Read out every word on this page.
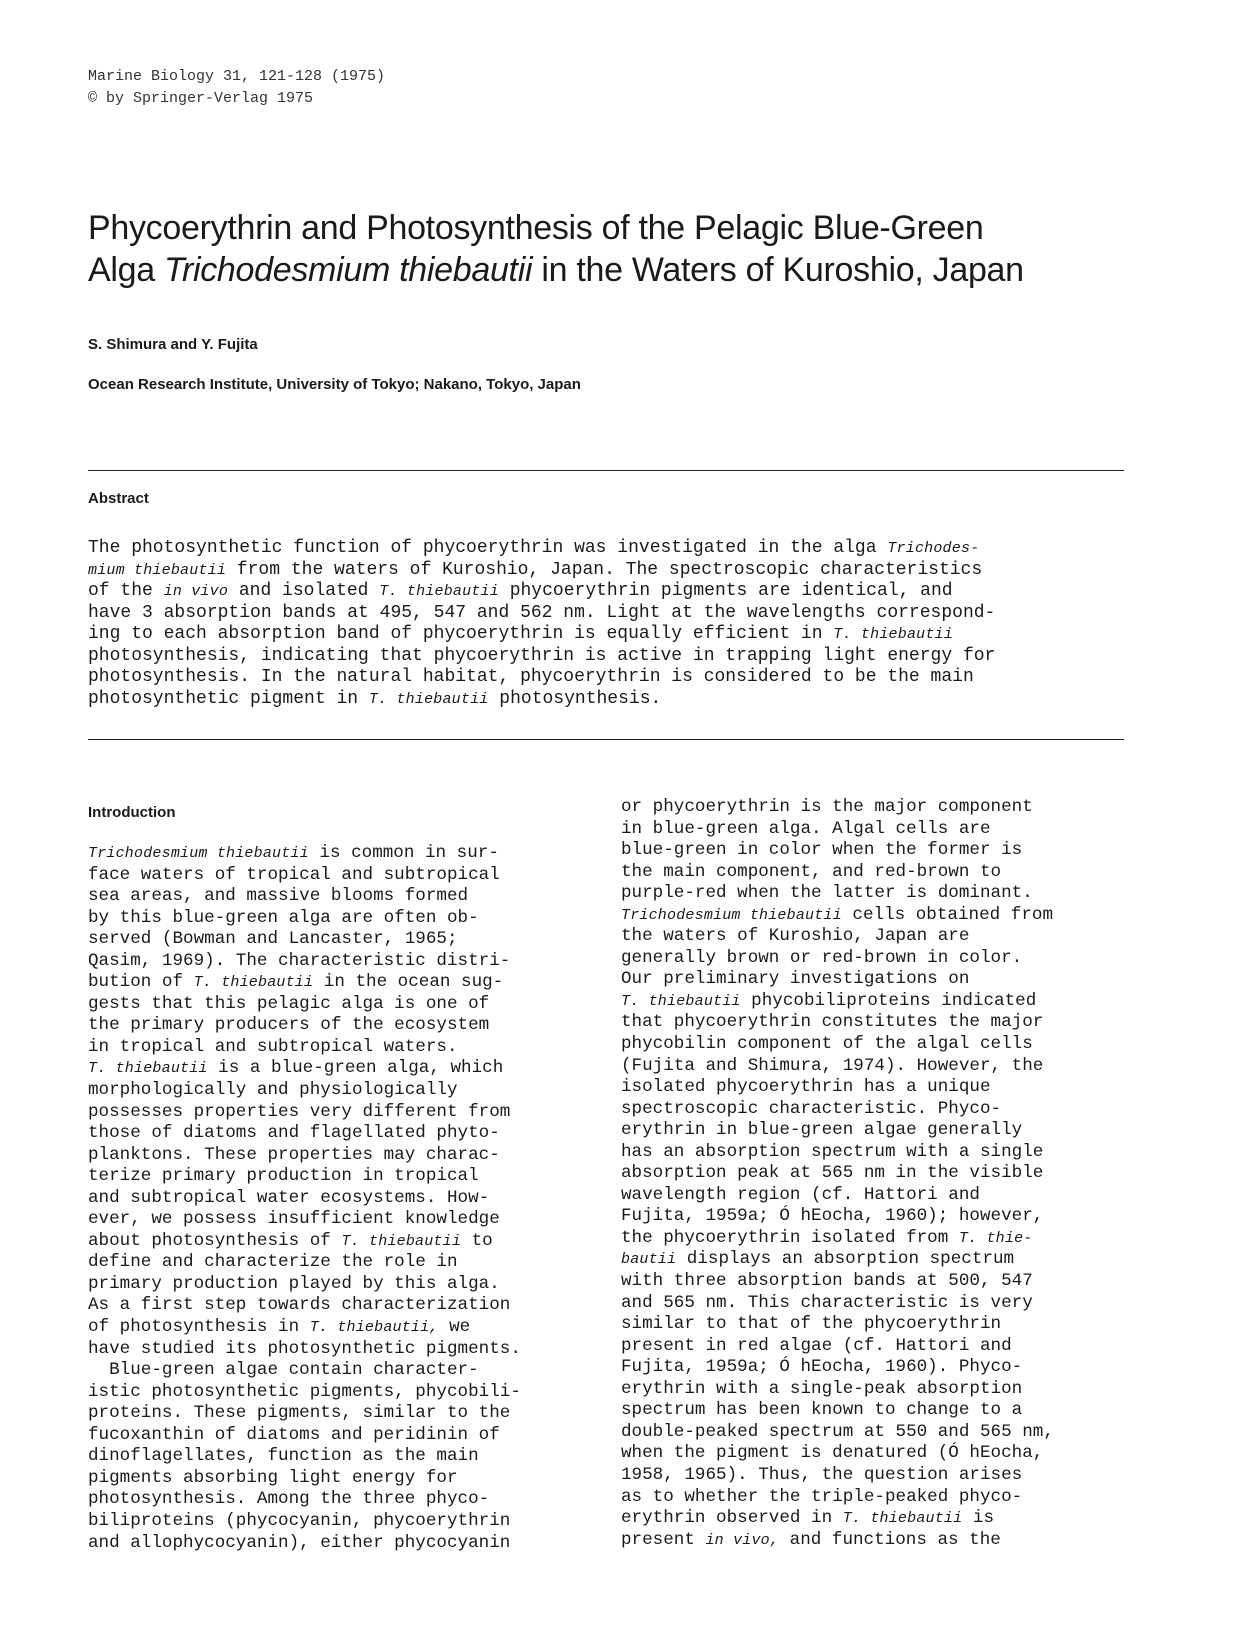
Marine Biology 31, 121-128 (1975)
© by Springer-Verlag 1975
Phycoerythrin and Photosynthesis of the Pelagic Blue-Green
Alga Trichodesmium thiebautii in the Waters of Kuroshio, Japan
S. Shimura and Y. Fujita
Ocean Research Institute, University of Tokyo; Nakano, Tokyo, Japan
Abstract
The photosynthetic function of phycoerythrin was investigated in the alga Trichodes-
mium thiebautii from the waters of Kuroshio, Japan. The spectroscopic characteristics
of the in vivo and isolated T. thiebautii phycoerythrin pigments are identical, and
have 3 absorption bands at 495, 547 and 562 nm. Light at the wavelengths correspond-
ing to each absorption band of phycoerythrin is equally efficient in T. thiebautii
photosynthesis, indicating that phycoerythrin is active in trapping light energy for
photosynthesis. In the natural habitat, phycoerythrin is considered to be the main
photosynthetic pigment in T. thiebautii photosynthesis.
Introduction
Trichodesmium thiebautii is common in sur-
face waters of tropical and subtropical
sea areas, and massive blooms formed
by this blue-green alga are often ob-
served (Bowman and Lancaster, 1965;
Qasim, 1969). The characteristic distri-
bution of T. thiebautii in the ocean sug-
gests that this pelagic alga is one of
the primary producers of the ecosystem
in tropical and subtropical waters.
T. thiebautii is a blue-green alga, which
morphologically and physiologically
possesses properties very different from
those of diatoms and flagellated phyto-
planktons. These properties may charac-
terize primary production in tropical
and subtropical water ecosystems. How-
ever, we possess insufficient knowledge
about photosynthesis of T. thiebautii to
define and characterize the role in
primary production played by this alga.
As a first step towards characterization
of photosynthesis in T. thiebautii, we
have studied its photosynthetic pigments.
Blue-green algae contain character-
istic photosynthetic pigments, phycobili-
proteins. These pigments, similar to the
fucoxanthin of diatoms and peridinin of
dinoflagellates, function as the main
pigments absorbing light energy for
photosynthesis. Among the three phyco-
biliproteins (phycocyanin, phycoerythrin
and allophycocyanin), either phycocyanin
or phycoerythrin is the major component
in blue-green alga. Algal cells are
blue-green in color when the former is
the main component, and red-brown to
purple-red when the latter is dominant.
Trichodesmium thiebautii cells obtained from
the waters of Kuroshio, Japan are
generally brown or red-brown in color.
Our preliminary investigations on
T. thiebautii phycobiliproteins indicated
that phycoerythrin constitutes the major
phycobilin component of the algal cells
(Fujita and Shimura, 1974). However, the
isolated phycoerythrin has a unique
spectroscopic characteristic. Phyco-
erythrin in blue-green algae generally
has an absorption spectrum with a single
absorption peak at 565 nm in the visible
wavelength region (cf. Hattori and
Fujita, 1959a; Ó hEocha, 1960); however,
the phycoerythrin isolated from T. thie-
bautii displays an absorption spectrum
with three absorption bands at 500, 547
and 565 nm. This characteristic is very
similar to that of the phycoerythrin
present in red algae (cf. Hattori and
Fujita, 1959a; Ó hEocha, 1960). Phyco-
erythrin with a single-peak absorption
spectrum has been known to change to a
double-peaked spectrum at 550 and 565 nm,
when the pigment is denatured (Ó hEocha,
1958, 1965). Thus, the question arises
as to whether the triple-peaked phyco-
erythrin observed in T. thiebautii is
present in vivo, and functions as the
